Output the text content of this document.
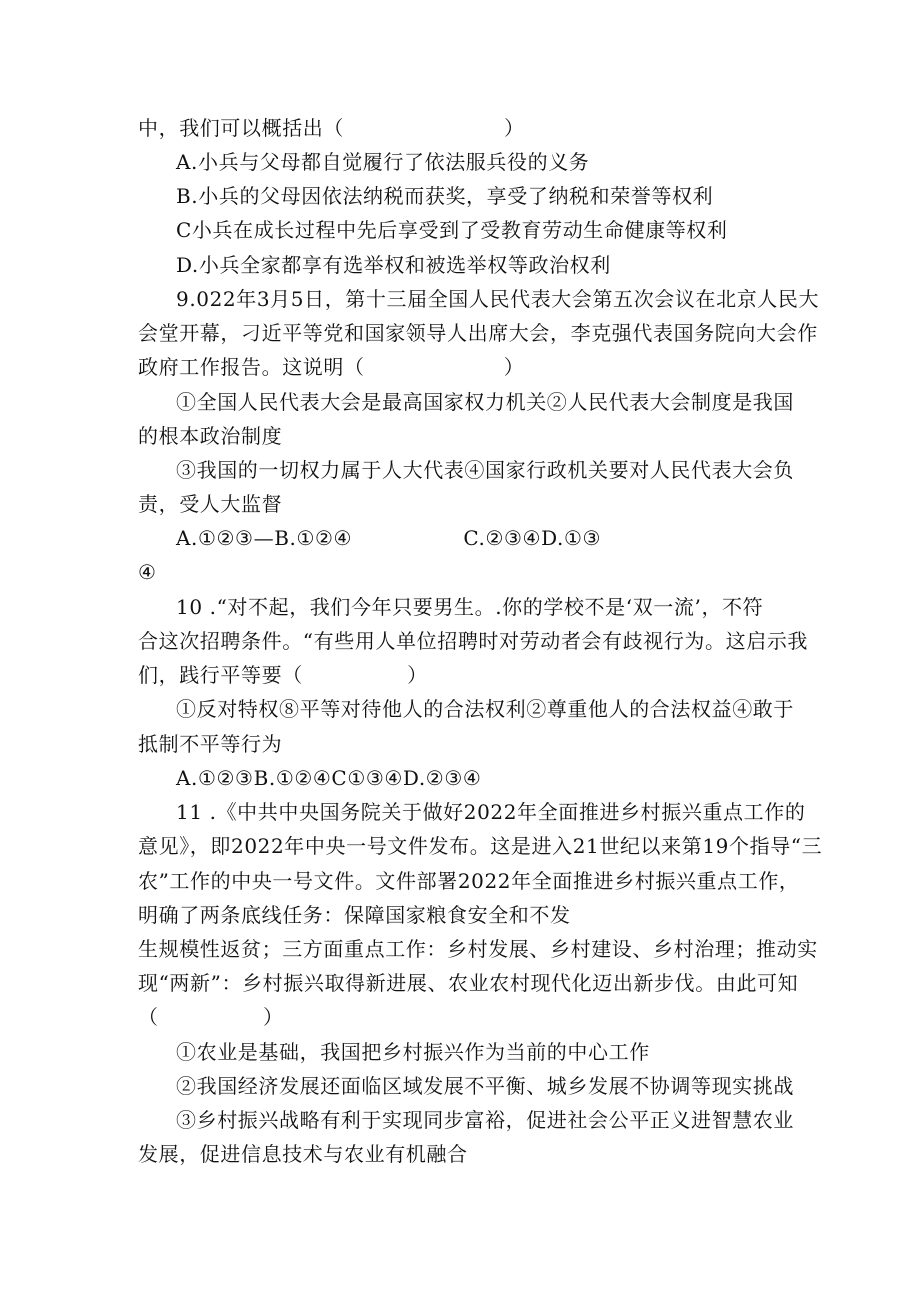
中，我们可以概括出（                       ）
A.小兵与父母都自觉履行了依法服兵役的义务
B.小兵的父母因依法纳税而获奖，享受了纳税和荣誉等权利
C小兵在成长过程中先后享受到了受教育劳动生命健康等权利
D.小兵全家都享有选举权和被选举权等政治权利
9.022年3月5日，第十三届全国人民代表大会第五次会议在北京人民大
会堂开幕，刁近平等党和国家领导人出席大会，李克强代表国务院向大会作
政府工作报告。这说明（                    ）
①全国人民代表大会是最高国家权力机关②人民代表大会制度是我国
的根本政治制度
③我国的一切权力属于人大代表④国家行政机关要对人民代表大会负
责，受人大监督
A.①②③—B.①②④                C.②③④D.①③
④
10 .“对不起，我们今年只要男生。.你的学校不是‘双一流’，不符
合这次招聘条件。“有些用人单位招聘时对劳动者会有歧视行为。这启示我
们，践行平等要（               ）
①反对特权⑧平等对待他人的合法权利②尊重他人的合法权益④敢于
抵制不平等行为
A.①②③B.①②④C①③④D.②③④
11 .《中共中央国务院关于做好2022年全面推进乡村振兴重点工作的
意见》，即2022年中央一号文件发布。这是进入21世纪以来第19个指导“三
农”工作的中央一号文件。文件部署2022年全面推进乡村振兴重点工作，
明确了两条底线任务：保障国家粮食安全和不发
生规模性返贫；三方面重点工作：乡村发展、乡村建设、乡村治理；推动实
现“两新”：乡村振兴取得新进展、农业农村现代化迈出新步伐。由此可知
（               ）
①农业是基础，我国把乡村振兴作为当前的中心工作
②我国经济发展还面临区域发展不平衡、城乡发展不协调等现实挑战
③乡村振兴战略有利于实现同步富裕，促进社会公平正义进智慧农业
发展，促进信息技术与农业有机融合
